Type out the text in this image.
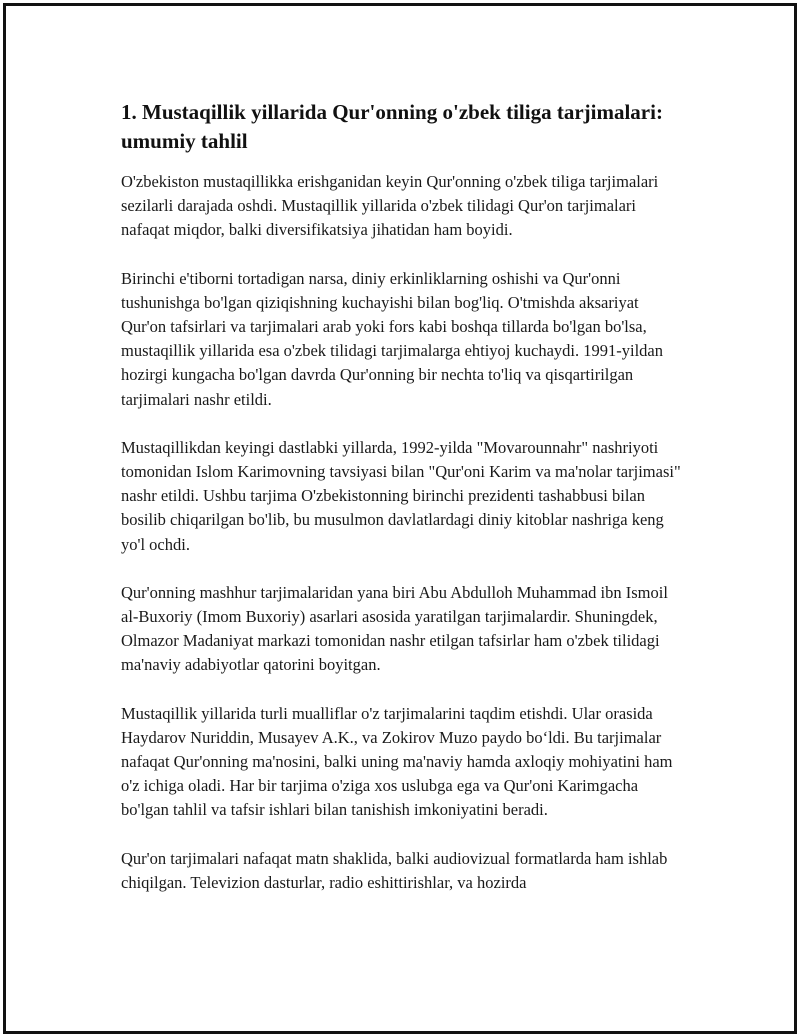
1. Mustaqillik yillarida Qur'onning o'zbek tiliga tarjimalari: umumiy tahlil

O'zbekiston mustaqillikka erishganidan keyin Qur'onning o'zbek tiliga tarjimalari sezilarli darajada oshdi. Mustaqillik yillarida o'zbek tilidagi Qur'on tarjimalari nafaqat miqdor, balki diversifikatsiya jihatidan ham boyidi.

Birinchi e'tiborni tortadigan narsa, diniy erkinliklarning oshishi va Qur'onni tushunishga bo'lgan qiziqishning kuchayishi bilan bog'liq. O'tmishda aksariyat Qur'on tafsirlari va tarjimalari arab yoki fors kabi boshqa tillarda bo'lgan bo'lsa, mustaqillik yillarida esa o'zbek tilidagi tarjimalarga ehtiyoj kuchaydi. 1991-yildan hozirgi kungacha bo'lgan davrda Qur'onning bir nechta to'liq va qisqartirilgan tarjimalari nashr etildi.

Mustaqillikdan keyingi dastlabki yillarda, 1992-yilda "Movarounnahr" nashriyoti tomonidan Islom Karimovning tavsiyasi bilan "Qur'oni Karim va ma'nolar tarjimasi" nashr etildi. Ushbu tarjima O'zbekistonning birinchi prezidenti tashabbusi bilan bosilib chiqarilgan bo'lib, bu musulmon davlatlardagi diniy kitoblar nashriga keng yo'l ochdi.

Qur'onning mashhur tarjimalaridan yana biri Abu Abdulloh Muhammad ibn Ismoil al-Buxoriy (Imom Buxoriy) asarlari asosida yaratilgan tarjimalardir. Shuningdek, Olmazor Madaniyat markazi tomonidan nashr etilgan tafsirlar ham o'zbek tilidagi ma'naviy adabiyotlar qatorini boyitgan.

Mustaqillik yillarida turli mualliflar o'z tarjimalarini taqdim etishdi. Ular orasida Haydarov Nuriddin, Musayev A.K., va Zokirov Muzo paydo bo‘ldi. Bu tarjimalar nafaqat Qur'onning ma'nosini, balki uning ma'naviy hamda axloqiy mohiyatini ham o'z ichiga oladi. Har bir tarjima o'ziga xos uslubga ega va Qur'oni Karimgacha bo'lgan tahlil va tafsir ishlari bilan tanishish imkoniyatini beradi.

Qur'on tarjimalari nafaqat matn shaklida, balki audiovizual formatlarda ham ishlab chiqilgan. Televizion dasturlar, radio eshittirishlar, va hozirda
